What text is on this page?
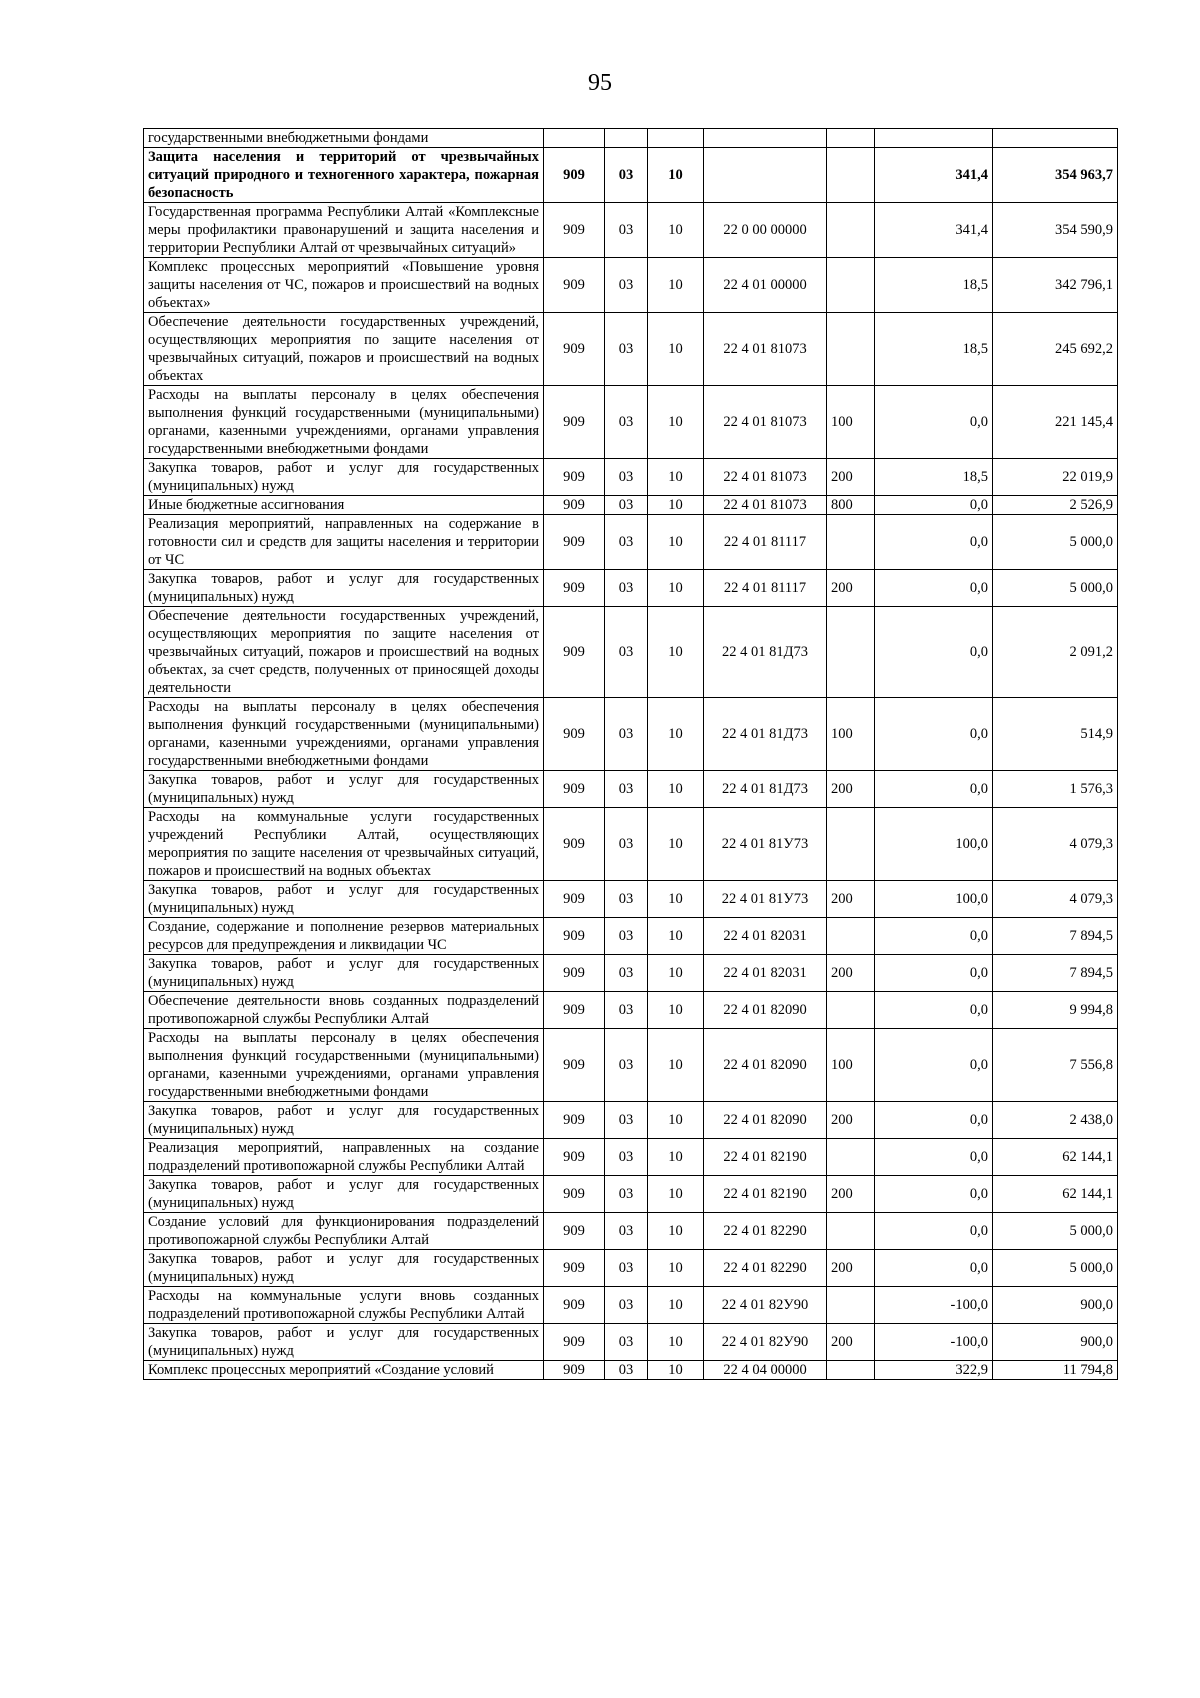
95
государственными внебюджетными фондами							
Защита населения и территорий от чрезвычайных ситуаций природного и техногенного характера, пожарная безопасность	909	03	10			341,4	354 963,7
Государственная программа Республики Алтай «Комплексные меры профилактики правонарушений и защита населения и территории Республики Алтай от чрезвычайных ситуаций»	909	03	10	22 0 00 00000		341,4	354 590,9
Комплекс процессных мероприятий «Повышение уровня защиты населения от ЧС, пожаров и происшествий на водных объектах»	909	03	10	22 4 01 00000		18,5	342 796,1
Обеспечение деятельности государственных учреждений, осуществляющих мероприятия по защите населения от чрезвычайных ситуаций, пожаров и происшествий на водных объектах	909	03	10	22 4 01 81073		18,5	245 692,2
Расходы на выплаты персоналу в целях обеспечения выполнения функций государственными (муниципальными) органами, казенными учреждениями, органами управления государственными внебюджетными фондами	909	03	10	22 4 01 81073	100	0,0	221 145,4
Закупка товаров, работ и услуг для государственных (муниципальных) нужд	909	03	10	22 4 01 81073	200	18,5	22 019,9
Иные бюджетные ассигнования	909	03	10	22 4 01 81073	800	0,0	2 526,9
Реализация мероприятий, направленных на содержание в готовности сил и средств для защиты населения и территории от ЧС	909	03	10	22 4 01 81117		0,0	5 000,0
Закупка товаров, работ и услуг для государственных (муниципальных) нужд	909	03	10	22 4 01 81117	200	0,0	5 000,0
Обеспечение деятельности государственных учреждений, осуществляющих мероприятия по защите населения от чрезвычайных ситуаций, пожаров и происшествий на водных объектах, за счет средств, полученных от приносящей доходы деятельности	909	03	10	22 4 01 81Д73		0,0	2 091,2
Расходы на выплаты персоналу в целях обеспечения выполнения функций государственными (муниципальными) органами, казенными учреждениями, органами управления государственными внебюджетными фондами	909	03	10	22 4 01 81Д73	100	0,0	514,9
Закупка товаров, работ и услуг для государственных (муниципальных) нужд	909	03	10	22 4 01 81Д73	200	0,0	1 576,3
Расходы на коммунальные услуги государственных учреждений Республики Алтай, осуществляющих мероприятия по защите населения от чрезвычайных ситуаций, пожаров и происшествий на водных объектах	909	03	10	22 4 01 81У73		100,0	4 079,3
Закупка товаров, работ и услуг для государственных (муниципальных) нужд	909	03	10	22 4 01 81У73	200	100,0	4 079,3
Создание, содержание и пополнение резервов материальных ресурсов для предупреждения и ликвидации ЧС	909	03	10	22 4 01 82031		0,0	7 894,5
Закупка товаров, работ и услуг для государственных (муниципальных) нужд	909	03	10	22 4 01 82031	200	0,0	7 894,5
Обеспечение деятельности вновь созданных подразделений противопожарной службы Республики Алтай	909	03	10	22 4 01 82090		0,0	9 994,8
Расходы на выплаты персоналу в целях обеспечения выполнения функций государственными (муниципальными) органами, казенными учреждениями, органами управления государственными внебюджетными фондами	909	03	10	22 4 01 82090	100	0,0	7 556,8
Закупка товаров, работ и услуг для государственных (муниципальных) нужд	909	03	10	22 4 01 82090	200	0,0	2 438,0
Реализация мероприятий, направленных на создание подразделений противопожарной службы Республики Алтай	909	03	10	22 4 01 82190		0,0	62 144,1
Закупка товаров, работ и услуг для государственных (муниципальных) нужд	909	03	10	22 4 01 82190	200	0,0	62 144,1
Создание условий для функционирования подразделений противопожарной службы Республики Алтай	909	03	10	22 4 01 82290		0,0	5 000,0
Закупка товаров, работ и услуг для государственных (муниципальных) нужд	909	03	10	22 4 01 82290	200	0,0	5 000,0
Расходы на коммунальные услуги вновь созданных подразделений противопожарной службы Республики Алтай	909	03	10	22 4 01 82У90		-100,0	900,0
Закупка товаров, работ и услуг для государственных (муниципальных) нужд	909	03	10	22 4 01 82У90	200	-100,0	900,0
Комплекс процессных мероприятий «Создание условий	909	03	10	22 4 04 00000		322,9	11 794,8
